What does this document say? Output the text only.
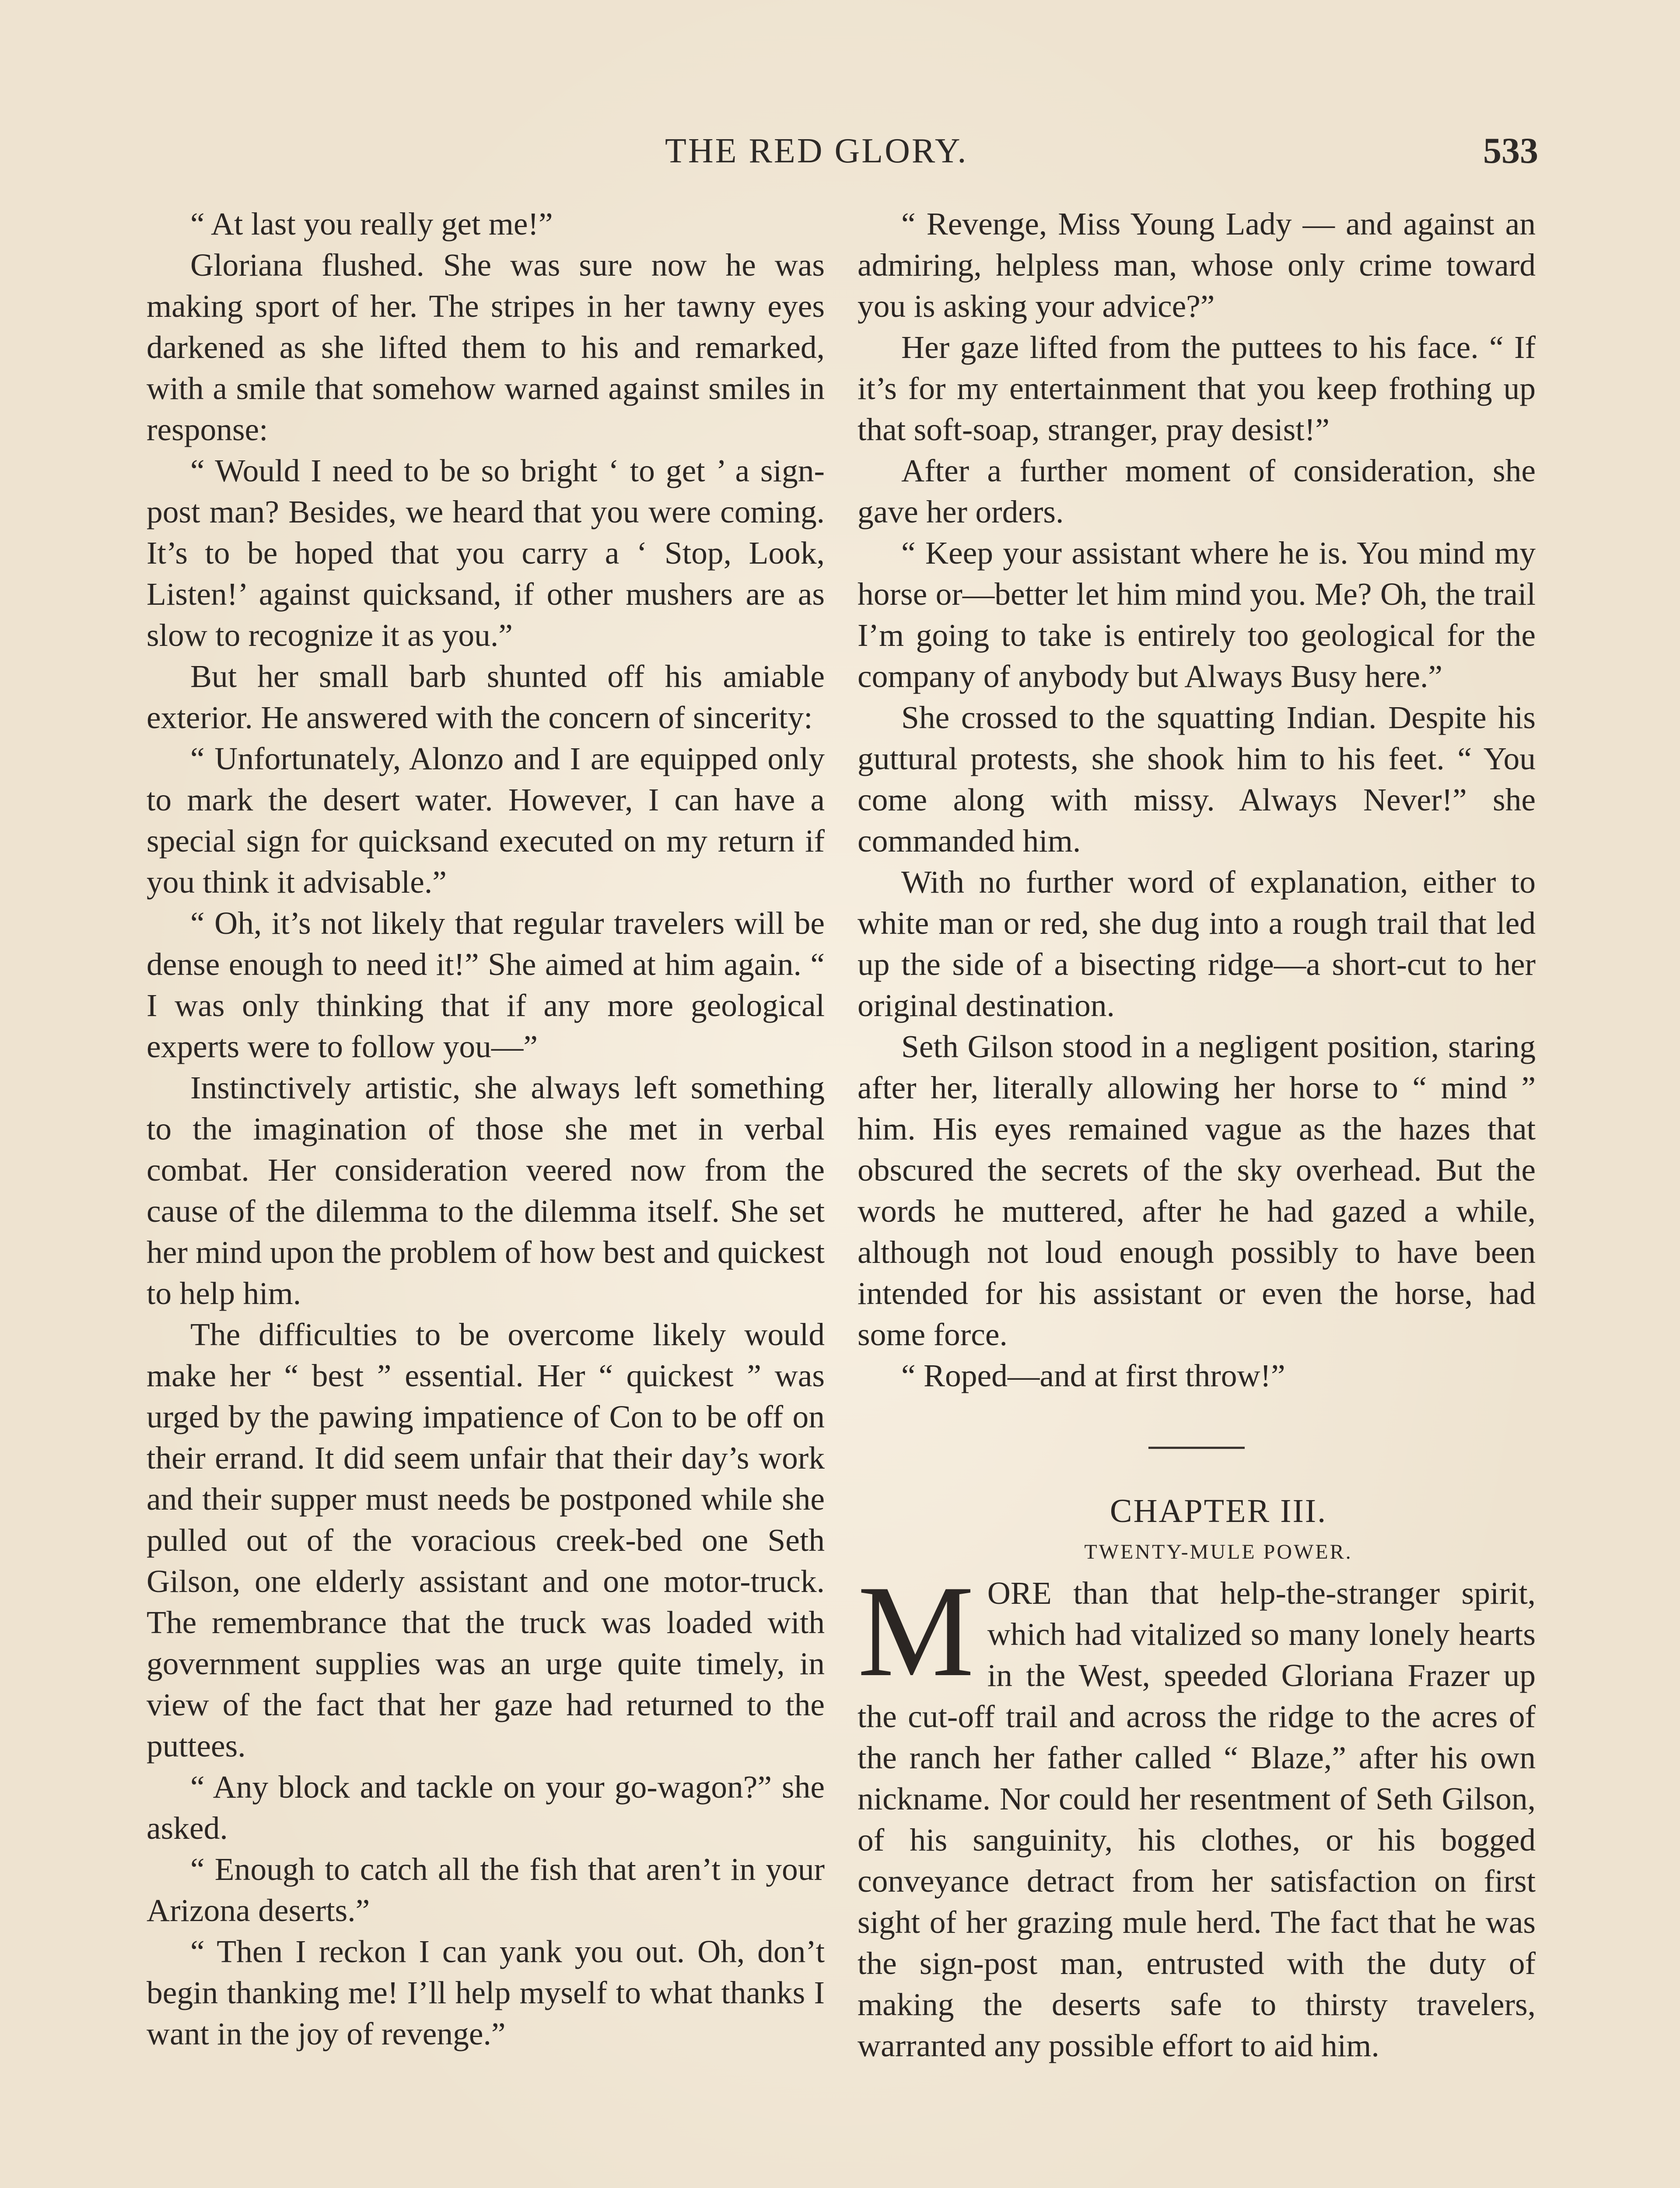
THE RED GLORY.	533

“ At last you really get me!”

Gloriana flushed. She was sure now he was making sport of her. The stripes in her tawny eyes darkened as she lifted them to his and remarked, with a smile that somehow warned against smiles in response:

“ Would I need to be so bright ‘ to get ’ a sign-post man? Besides, we heard that you were coming. It’s to be hoped that you carry a ‘ Stop, Look, Listen!’ against quicksand, if other mushers are as slow to recognize it as you.”

But her small barb shunted off his amiable exterior. He answered with the concern of sincerity:

“ Unfortunately, Alonzo and I are equipped only to mark the desert water. However, I can have a special sign for quicksand executed on my return if you think it advisable.”

“ Oh, it’s not likely that regular travelers will be dense enough to need it!” She aimed at him again. “ I was only thinking that if any more geological experts were to follow you—”

Instinctively artistic, she always left something to the imagination of those she met in verbal combat. Her consideration veered now from the cause of the dilemma to the dilemma itself. She set her mind upon the problem of how best and quickest to help him.

The difficulties to be overcome likely would make her “ best ” essential. Her “ quickest ” was urged by the pawing impatience of Con to be off on their errand. It did seem unfair that their day’s work and their supper must needs be postponed while she pulled out of the voracious creek-bed one Seth Gilson, one elderly assistant and one motor-truck. The remembrance that the truck was loaded with government supplies was an urge quite timely, in view of the fact that her gaze had returned to the puttees.

“ Any block and tackle on your go-wagon?” she asked.

“ Enough to catch all the fish that aren’t in your Arizona deserts.”

“ Then I reckon I can yank you out. Oh, don’t begin thanking me! I’ll help myself to what thanks I want in the joy of revenge.”

“ Revenge, Miss Young Lady — and against an admiring, helpless man, whose only crime toward you is asking your advice?”

Her gaze lifted from the puttees to his face. “ If it’s for my entertainment that you keep frothing up that soft-soap, stranger, pray desist!”

After a further moment of consideration, she gave her orders.

“ Keep your assistant where he is. You mind my horse or—better let him mind you. Me? Oh, the trail I’m going to take is entirely too geological for the company of anybody but Always Busy here.”

She crossed to the squatting Indian. Despite his guttural protests, she shook him to his feet. “ You come along with missy. Always Never!” she commanded him.

With no further word of explanation, either to white man or red, she dug into a rough trail that led up the side of a bisecting ridge—a short-cut to her original destination.

Seth Gilson stood in a negligent position, staring after her, literally allowing her horse to “ mind ” him. His eyes remained vague as the hazes that obscured the secrets of the sky overhead. But the words he muttered, after he had gazed a while, although not loud enough possibly to have been intended for his assistant or even the horse, had some force.

“ Roped—and at first throw!”

CHAPTER III.

TWENTY-MULE POWER.

M ORE than that help-the-stranger spirit, which had vitalized so many lonely hearts in the West, speeded Gloriana Frazer up the cut-off trail and across the ridge to the acres of the ranch her father called “ Blaze,” after his own nickname. Nor could her resentment of Seth Gilson, of his sanguinity, his clothes, or his bogged conveyance detract from her satisfaction on first sight of her grazing mule herd. The fact that he was the sign-post man, entrusted with the duty of making the deserts safe to thirsty travelers, warranted any possible effort to aid him.
